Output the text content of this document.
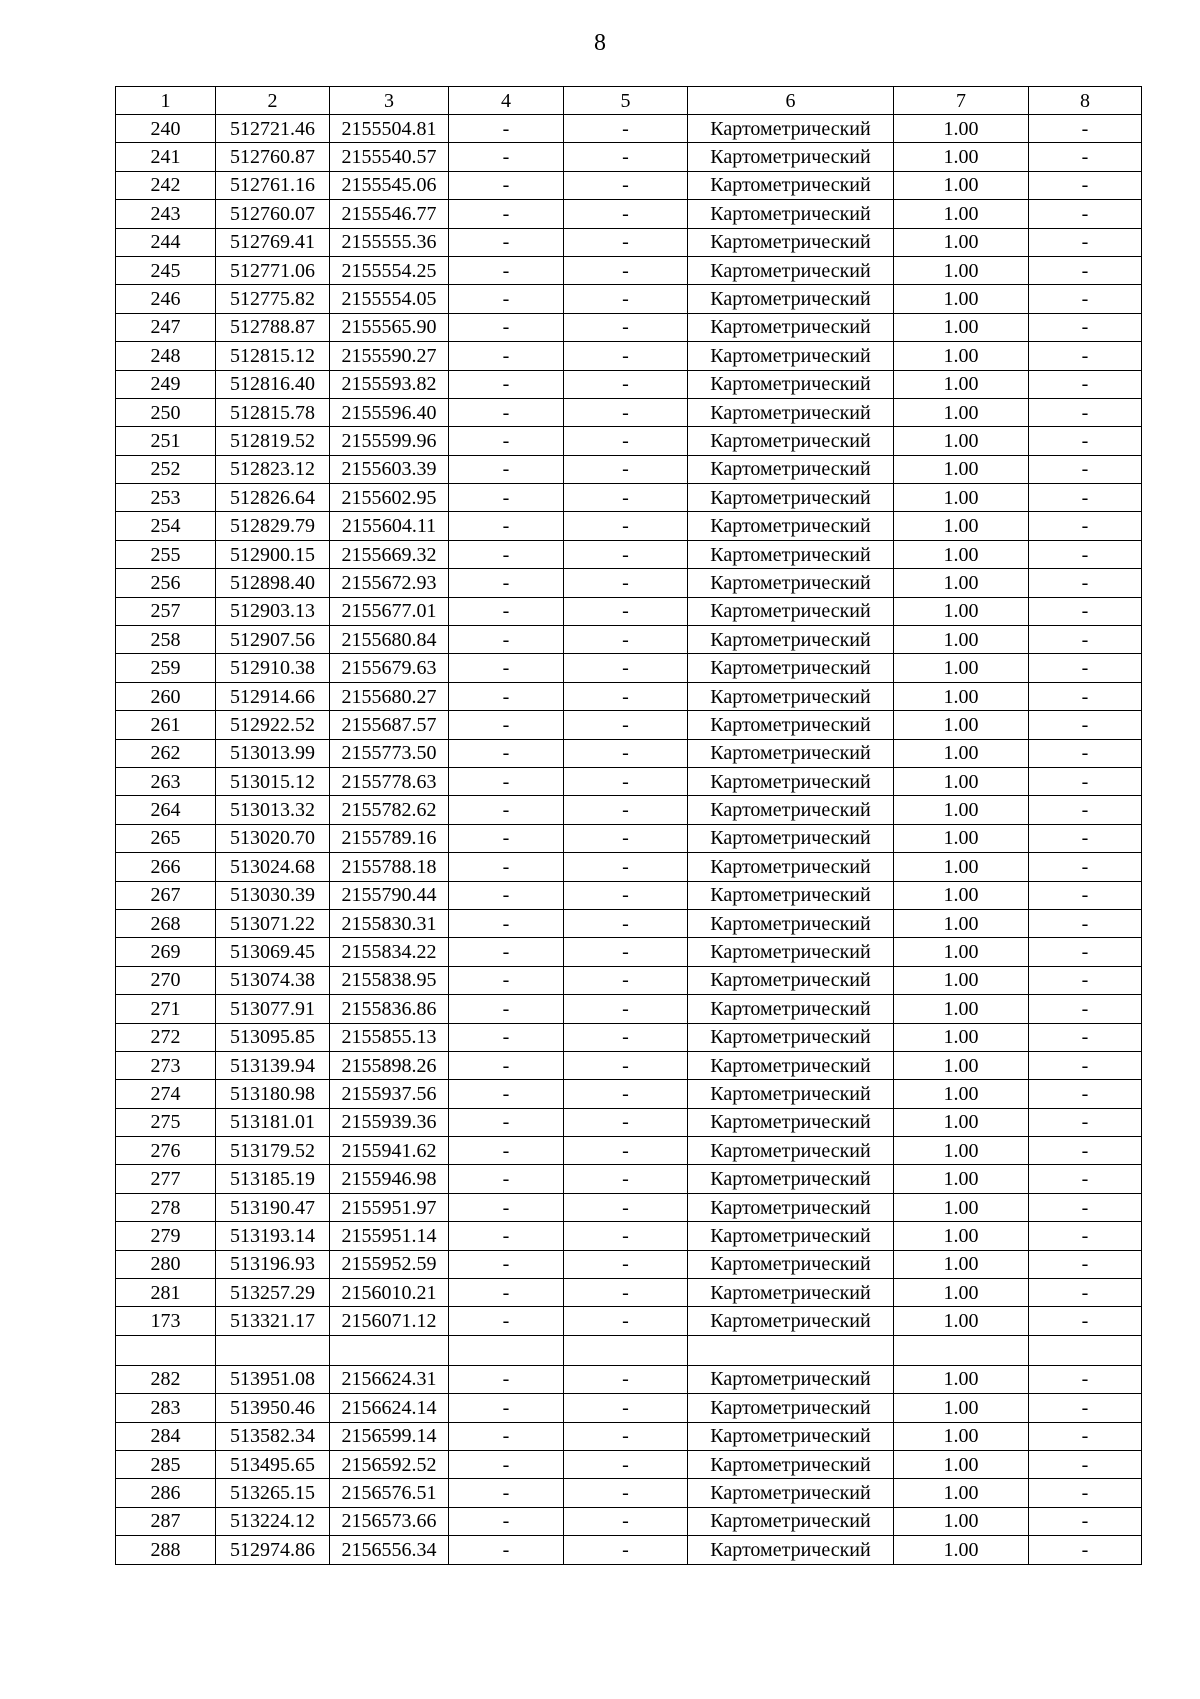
8
1	2	3	4	5	6	7	8
240	512721.46	2155504.81	-	-	Картометрический	1.00	-
241	512760.87	2155540.57	-	-	Картометрический	1.00	-
242	512761.16	2155545.06	-	-	Картометрический	1.00	-
243	512760.07	2155546.77	-	-	Картометрический	1.00	-
244	512769.41	2155555.36	-	-	Картометрический	1.00	-
245	512771.06	2155554.25	-	-	Картометрический	1.00	-
246	512775.82	2155554.05	-	-	Картометрический	1.00	-
247	512788.87	2155565.90	-	-	Картометрический	1.00	-
248	512815.12	2155590.27	-	-	Картометрический	1.00	-
249	512816.40	2155593.82	-	-	Картометрический	1.00	-
250	512815.78	2155596.40	-	-	Картометрический	1.00	-
251	512819.52	2155599.96	-	-	Картометрический	1.00	-
252	512823.12	2155603.39	-	-	Картометрический	1.00	-
253	512826.64	2155602.95	-	-	Картометрический	1.00	-
254	512829.79	2155604.11	-	-	Картометрический	1.00	-
255	512900.15	2155669.32	-	-	Картометрический	1.00	-
256	512898.40	2155672.93	-	-	Картометрический	1.00	-
257	512903.13	2155677.01	-	-	Картометрический	1.00	-
258	512907.56	2155680.84	-	-	Картометрический	1.00	-
259	512910.38	2155679.63	-	-	Картометрический	1.00	-
260	512914.66	2155680.27	-	-	Картометрический	1.00	-
261	512922.52	2155687.57	-	-	Картометрический	1.00	-
262	513013.99	2155773.50	-	-	Картометрический	1.00	-
263	513015.12	2155778.63	-	-	Картометрический	1.00	-
264	513013.32	2155782.62	-	-	Картометрический	1.00	-
265	513020.70	2155789.16	-	-	Картометрический	1.00	-
266	513024.68	2155788.18	-	-	Картометрический	1.00	-
267	513030.39	2155790.44	-	-	Картометрический	1.00	-
268	513071.22	2155830.31	-	-	Картометрический	1.00	-
269	513069.45	2155834.22	-	-	Картометрический	1.00	-
270	513074.38	2155838.95	-	-	Картометрический	1.00	-
271	513077.91	2155836.86	-	-	Картометрический	1.00	-
272	513095.85	2155855.13	-	-	Картометрический	1.00	-
273	513139.94	2155898.26	-	-	Картометрический	1.00	-
274	513180.98	2155937.56	-	-	Картометрический	1.00	-
275	513181.01	2155939.36	-	-	Картометрический	1.00	-
276	513179.52	2155941.62	-	-	Картометрический	1.00	-
277	513185.19	2155946.98	-	-	Картометрический	1.00	-
278	513190.47	2155951.97	-	-	Картометрический	1.00	-
279	513193.14	2155951.14	-	-	Картометрический	1.00	-
280	513196.93	2155952.59	-	-	Картометрический	1.00	-
281	513257.29	2156010.21	-	-	Картометрический	1.00	-
173	513321.17	2156071.12	-	-	Картометрический	1.00	-

282	513951.08	2156624.31	-	-	Картометрический	1.00	-
283	513950.46	2156624.14	-	-	Картометрический	1.00	-
284	513582.34	2156599.14	-	-	Картометрический	1.00	-
285	513495.65	2156592.52	-	-	Картометрический	1.00	-
286	513265.15	2156576.51	-	-	Картометрический	1.00	-
287	513224.12	2156573.66	-	-	Картометрический	1.00	-
288	512974.86	2156556.34	-	-	Картометрический	1.00	-
